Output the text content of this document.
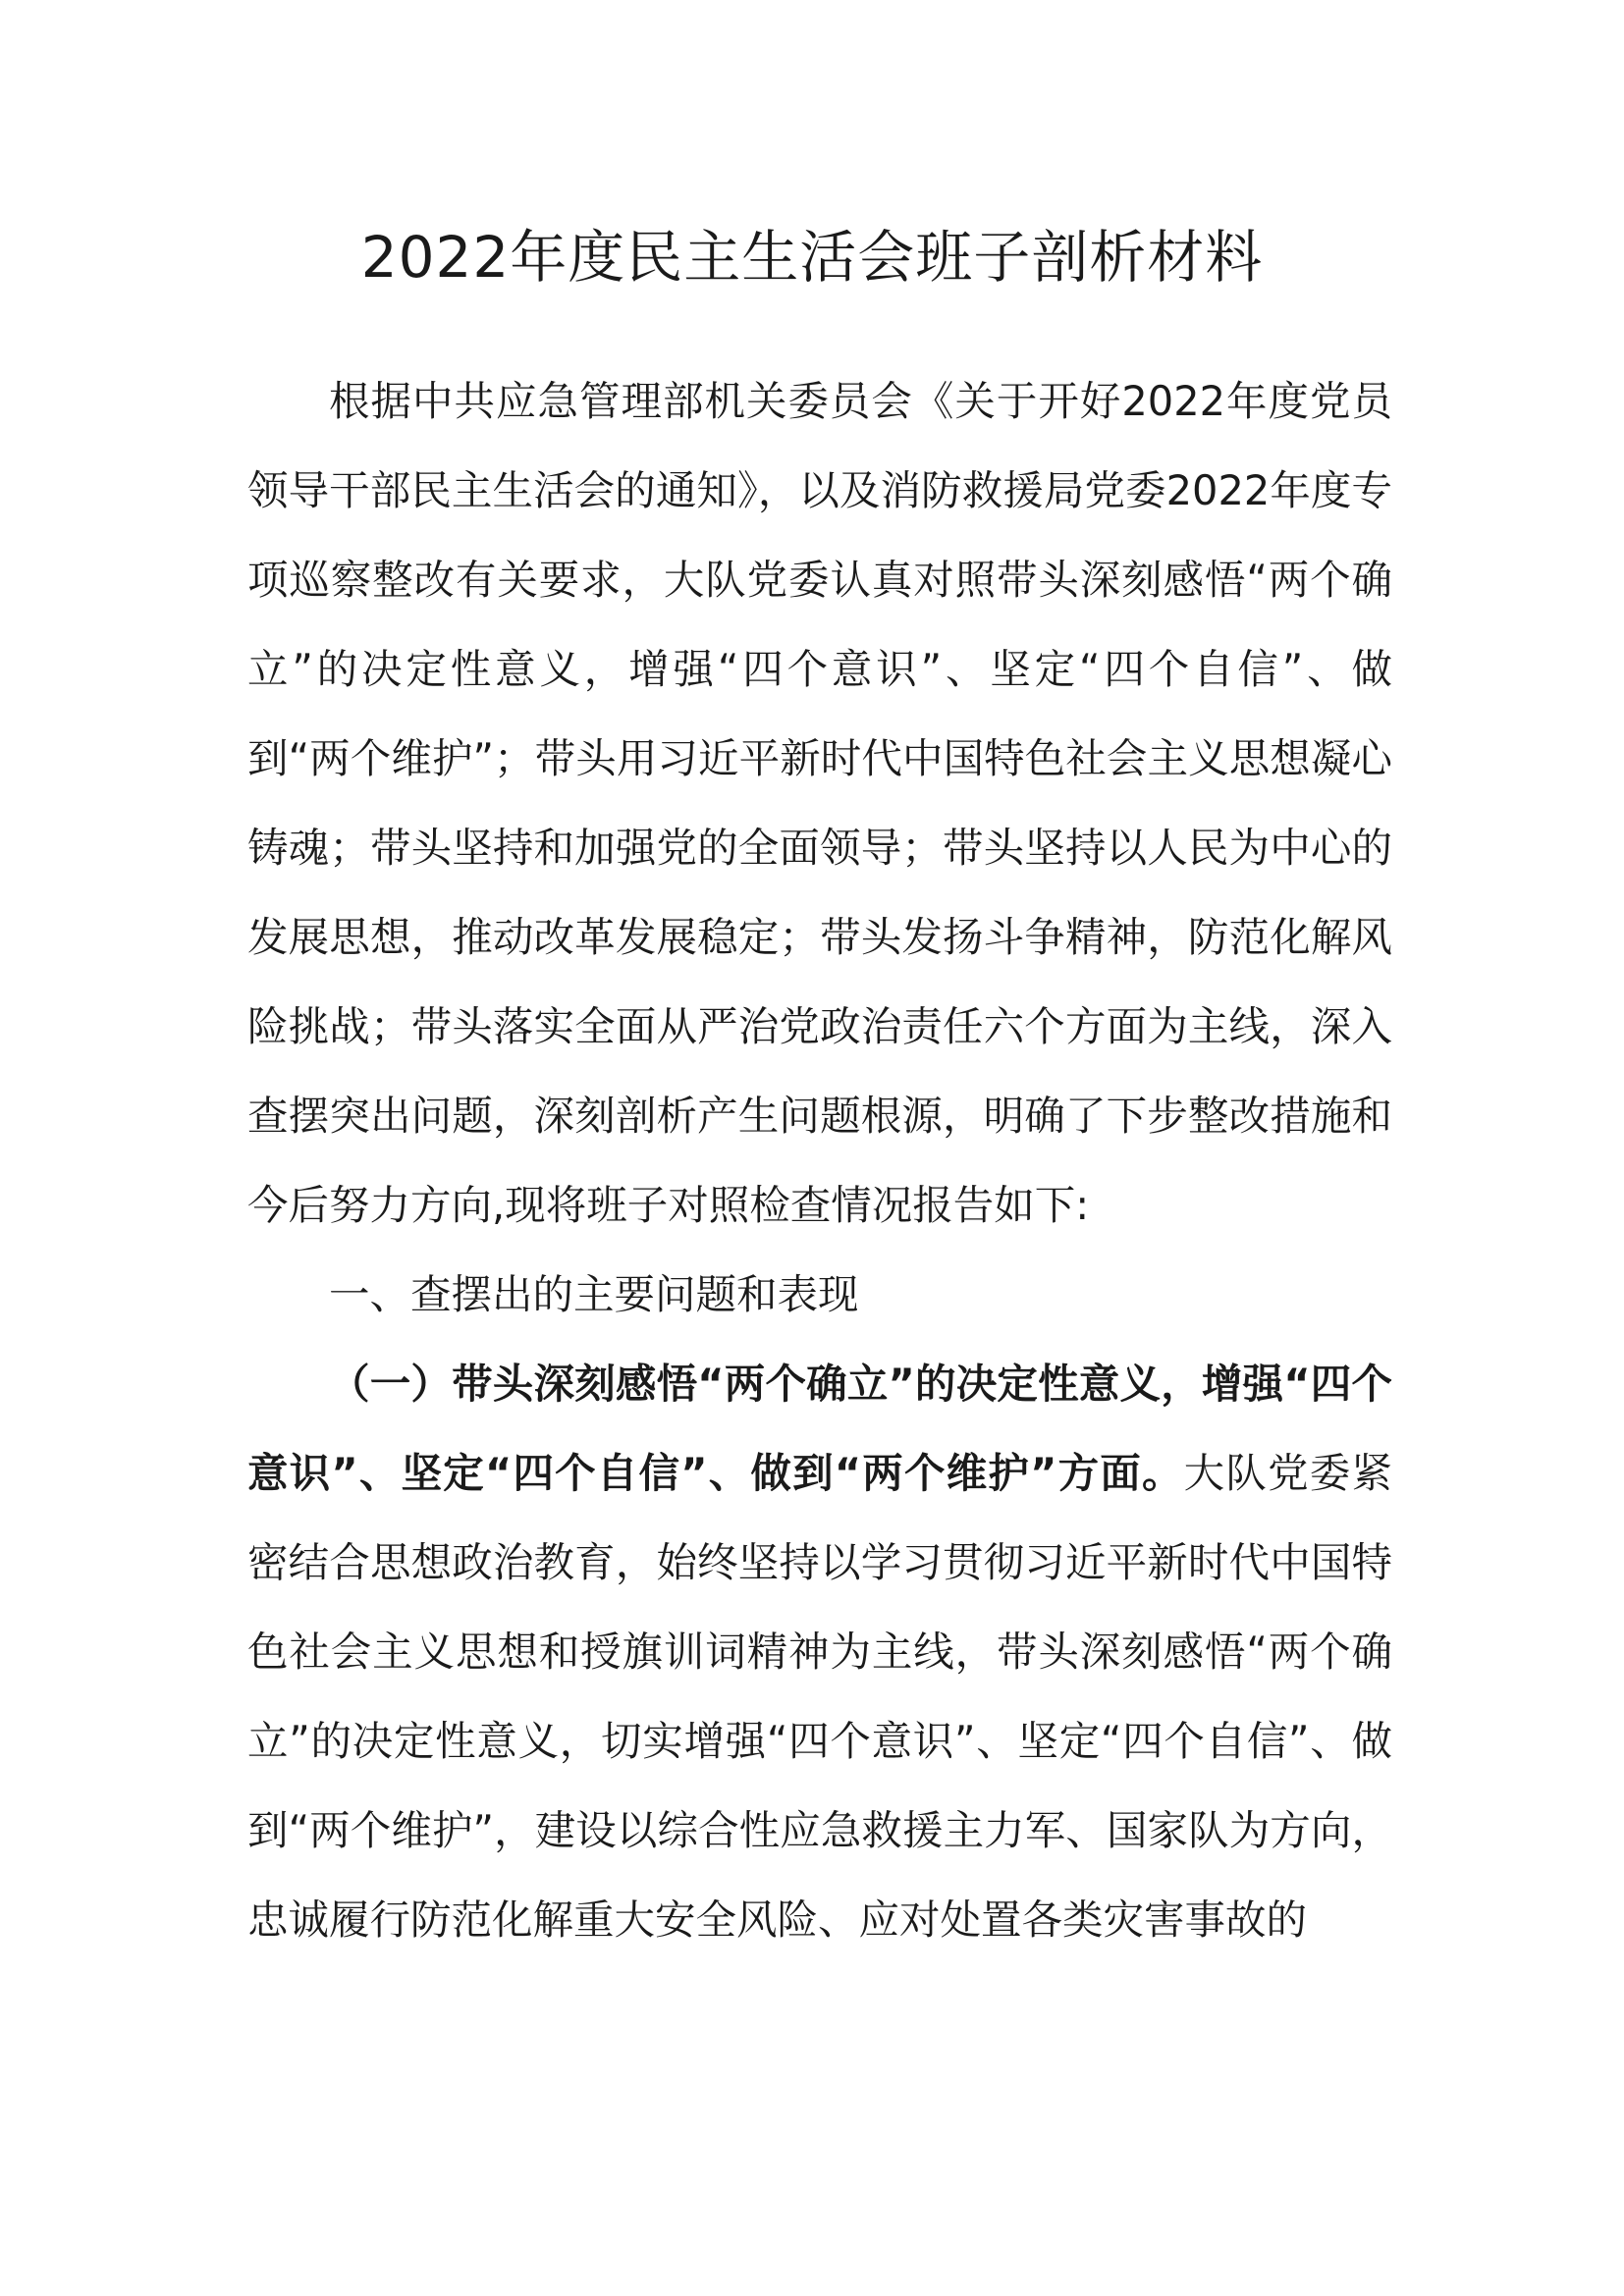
2022年度民主生活会班子剖析材料

根据中共应急管理部机关委员会《关于开好2022年度党员领导干部民主生活会的通知》，以及消防救援局党委2022年度专项巡察整改有关要求，大队党委认真对照带头深刻感悟“两个确立”的决定性意义，增强“四个意识”、坚定“四个自信”、做到“两个维护”；带头用习近平新时代中国特色社会主义思想凝心铸魂；带头坚持和加强党的全面领导；带头坚持以人民为中心的发展思想，推动改革发展稳定；带头发扬斗争精神，防范化解风险挑战；带头落实全面从严治党政治责任六个方面为主线，深入查摆突出问题，深刻剖析产生问题根源，明确了下步整改措施和今后努力方向,现将班子对照检查情况报告如下:

一、查摆出的主要问题和表现

（一）带头深刻感悟“两个确立”的决定性意义，增强“四个意识”、坚定“四个自信”、做到“两个维护”方面。大队党委紧密结合思想政治教育，始终坚持以学习贯彻习近平新时代中国特色社会主义思想和授旗训词精神为主线，带头深刻感悟“两个确立”的决定性意义，切实增强“四个意识”、坚定“四个自信”、做到“两个维护”，建设以综合性应急救援主力军、国家队为方向，忠诚履行防范化解重大安全风险、应对处置各类灾害事故的
